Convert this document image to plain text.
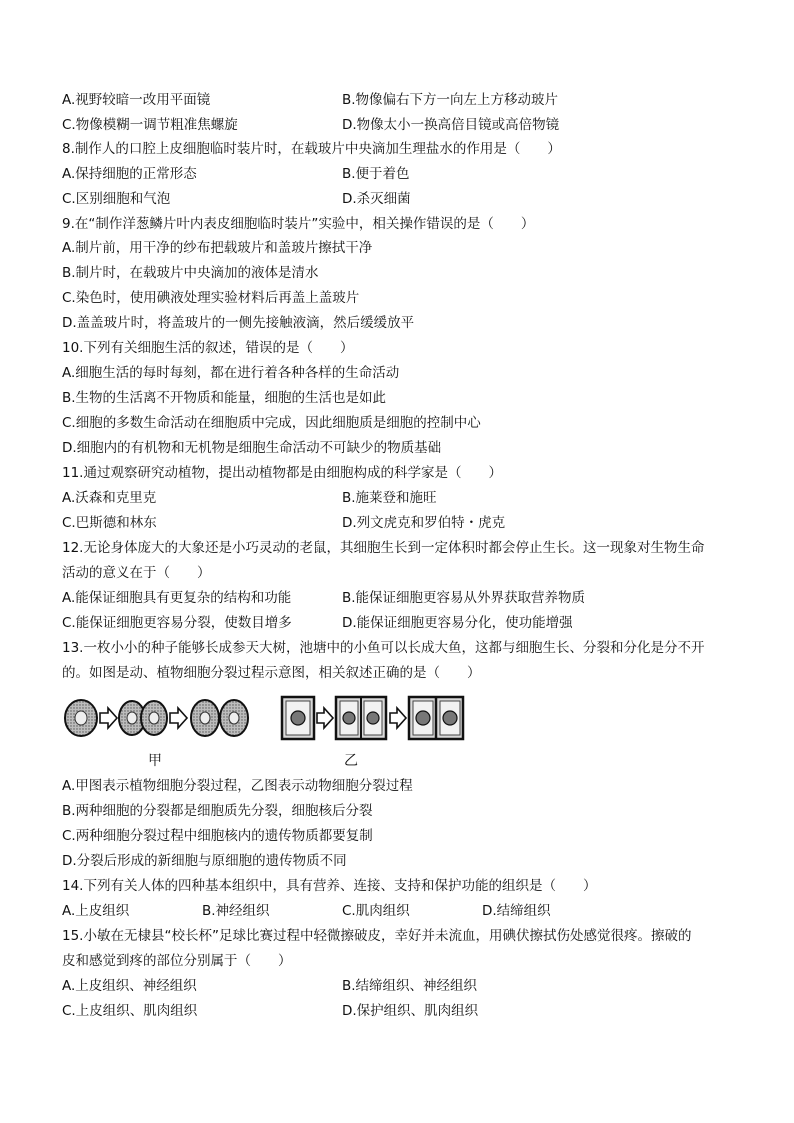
A.视野较暗一改用平面镜	B.物像偏右下方一向左上方移动玻片
C.物像模糊一调节粗准焦螺旋	D.物像太小一换高倍目镜或高倍物镜
8.制作人的口腔上皮细胞临时装片时，在载玻片中央滴加生理盐水的作用是（　　）
A.保持细胞的正常形态	B.便于着色
C.区别细胞和气泡	D.杀灭细菌
9.在“制作洋葱鳞片叶内表皮细胞临时装片”实验中，相关操作错误的是（　　）
A.制片前，用干净的纱布把载玻片和盖玻片擦拭干净
B.制片时，在载玻片中央滴加的液体是清水
C.染色时，使用碘液处理实验材料后再盖上盖玻片
D.盖盖玻片时，将盖玻片的一侧先接触液滴，然后缓缓放平
10.下列有关细胞生活的叙述，错误的是（　　）
A.细胞生活的每时每刻，都在进行着各种各样的生命活动
B.生物的生活离不开物质和能量，细胞的生活也是如此
C.细胞的多数生命活动在细胞质中完成，因此细胞质是细胞的控制中心
D.细胞内的有机物和无机物是细胞生命活动不可缺少的物质基础
11.通过观察研究动植物，提出动植物都是由细胞构成的科学家是（　　）
A.沃森和克里克	B.施莱登和施旺
C.巴斯德和林东	D.列文虎克和罗伯特・虎克
12.无论身体庞大的大象还是小巧灵动的老鼠，其细胞生长到一定体积时都会停止生长。这一现象对生物生命
活动的意义在于（　　）
A.能保证细胞具有更复杂的结构和功能	B.能保证细胞更容易从外界获取营养物质
C.能保证细胞更容易分裂，使数目增多	D.能保证细胞更容易分化，使功能增强
13.一枚小小的种子能够长成参天大树，池塘中的小鱼可以长成大鱼，这都与细胞生长、分裂和分化是分不开
的。如图是动、植物细胞分裂过程示意图，相关叙述正确的是（　　）
甲	乙
A.甲图表示植物细胞分裂过程，乙图表示动物细胞分裂过程
B.两种细胞的分裂都是细胞质先分裂，细胞核后分裂
C.两种细胞分裂过程中细胞核内的遗传物质都要复制
D.分裂后形成的新细胞与原细胞的遗传物质不同
14.下列有关人体的四种基本组织中，具有营养、连接、支持和保护功能的组织是（　　）
A.上皮组织	B.神经组织	C.肌肉组织	D.结缔组织
15.小敏在无棣县“校长杯”足球比赛过程中轻微擦破皮，幸好并未流血，用碘伏擦拭伤处感觉很疼。擦破的
皮和感觉到疼的部位分别属于（　　）
A.上皮组织、神经组织	B.结缔组织、神经组织
C.上皮组织、肌肉组织	D.保护组织、肌肉组织
